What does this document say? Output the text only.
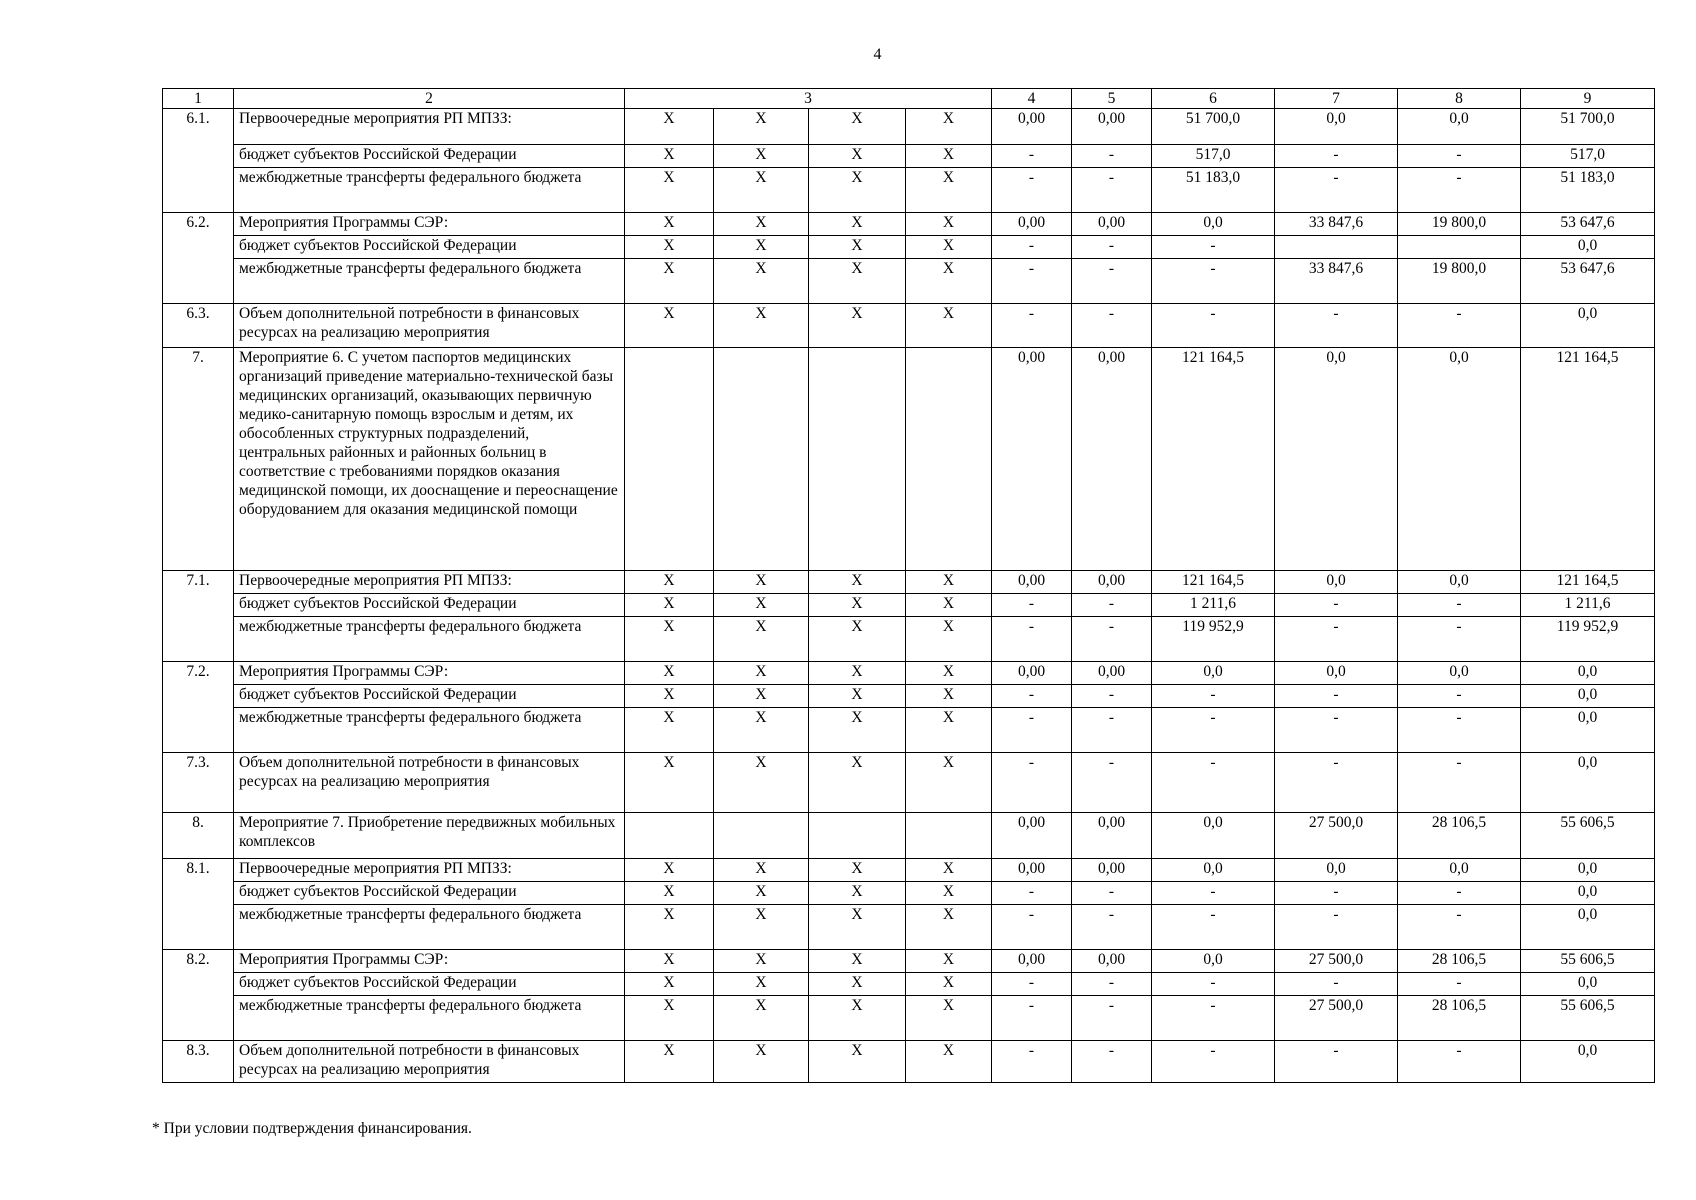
4
1	2	3				4	5	6	7	8	9
6.1.	Первоочередные мероприятия РП МПЗЗ:	Х	Х	Х	Х	0,00	0,00	51 700,0	0,0	0,0	51 700,0
	бюджет субъектов Российской Федерации	Х	Х	Х	Х	-	-	517,0	-	-	517,0
	межбюджетные трансферты федерального бюджета	Х	Х	Х	Х	-	-	51 183,0	-	-	51 183,0
6.2.	Мероприятия Программы СЭР:	Х	Х	Х	Х	0,00	0,00	0,0	33 847,6	19 800,0	53 647,6
	бюджет субъектов Российской Федерации	Х	Х	Х	Х	-	-	-			0,0
	межбюджетные трансферты федерального бюджета	Х	Х	Х	Х	-	-	-	33 847,6	19 800,0	53 647,6
6.3.	Объем дополнительной потребности в финансовых ресурсах на реализацию мероприятия	Х	Х	Х	Х	-	-	-	-	-	0,0
7.	Мероприятие 6. С учетом паспортов медицинских организаций приведение материально-технической базы медицинских организаций, оказывающих первичную медико-санитарную помощь взрослым и детям, их обособленных структурных подразделений, центральных районных и районных больниц в соответствие с требованиями порядков оказания медицинской помощи, их дооснащение и переоснащение оборудованием для оказания медицинской помощи					0,00	0,00	121 164,5	0,0	0,0	121 164,5
7.1.	Первоочередные мероприятия РП МПЗЗ:	Х	Х	Х	Х	0,00	0,00	121 164,5	0,0	0,0	121 164,5
	бюджет субъектов Российской Федерации	Х	Х	Х	Х	-	-	1 211,6	-	-	1 211,6
	межбюджетные трансферты федерального бюджета	Х	Х	Х	Х	-	-	119 952,9	-	-	119 952,9
7.2.	Мероприятия Программы СЭР:	Х	Х	Х	Х	0,00	0,00	0,0	0,0	0,0	0,0
	бюджет субъектов Российской Федерации	Х	Х	Х	Х	-	-	-	-	-	0,0
	межбюджетные трансферты федерального бюджета	Х	Х	Х	Х	-	-	-	-	-	0,0
7.3.	Объем дополнительной потребности в финансовых ресурсах на реализацию мероприятия	Х	Х	Х	Х	-	-	-	-	-	0,0
8.	Мероприятие 7. Приобретение передвижных мобильных комплексов					0,00	0,00	0,0	27 500,0	28 106,5	55 606,5
8.1.	Первоочередные мероприятия РП МПЗЗ:	Х	Х	Х	Х	0,00	0,00	0,0	0,0	0,0	0,0
	бюджет субъектов Российской Федерации	Х	Х	Х	Х	-	-	-	-	-	0,0
	межбюджетные трансферты федерального бюджета	Х	Х	Х	Х	-	-	-	-	-	0,0
8.2.	Мероприятия Программы СЭР:	Х	Х	Х	Х	0,00	0,00	0,0	27 500,0	28 106,5	55 606,5
	бюджет субъектов Российской Федерации	Х	Х	Х	Х	-	-	-	-	-	0,0
	межбюджетные трансферты федерального бюджета	Х	Х	Х	Х	-	-	-	27 500,0	28 106,5	55 606,5
8.3.	Объем дополнительной потребности в финансовых ресурсах на реализацию мероприятия	Х	Х	Х	Х	-	-	-	-	-	0,0
* При условии подтверждения финансирования.
